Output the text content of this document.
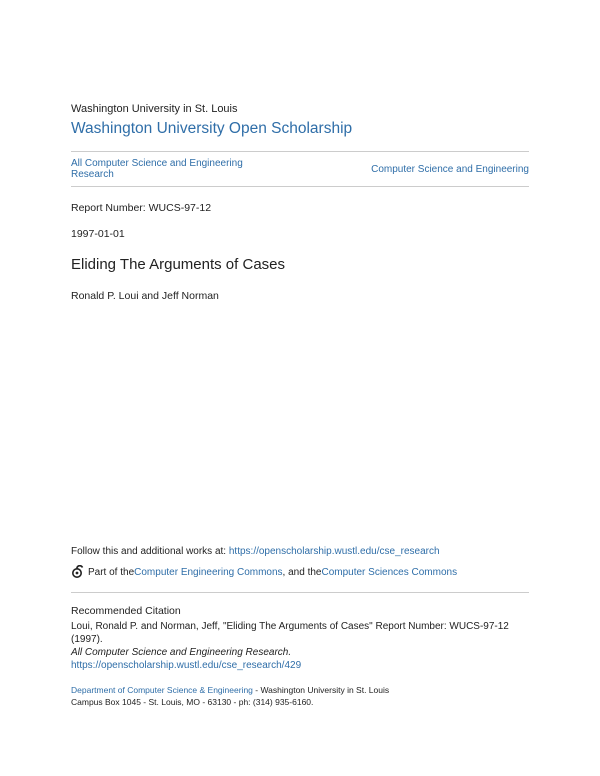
Washington University in St. Louis
Washington University Open Scholarship
All Computer Science and Engineering Research	Computer Science and Engineering
Report Number: WUCS-97-12
1997-01-01
Eliding The Arguments of Cases
Ronald P. Loui and Jeff Norman
Follow this and additional works at: https://openscholarship.wustl.edu/cse_research
Part of the Computer Engineering Commons , and the Computer Sciences Commons
Recommended Citation
Loui, Ronald P. and Norman, Jeff, "Eliding The Arguments of Cases" Report Number: WUCS-97-12 (1997).
All Computer Science and Engineering Research.
https://openscholarship.wustl.edu/cse_research/429
Department of Computer Science & Engineering - Washington University in St. Louis
Campus Box 1045 - St. Louis, MO - 63130 - ph: (314) 935-6160.
